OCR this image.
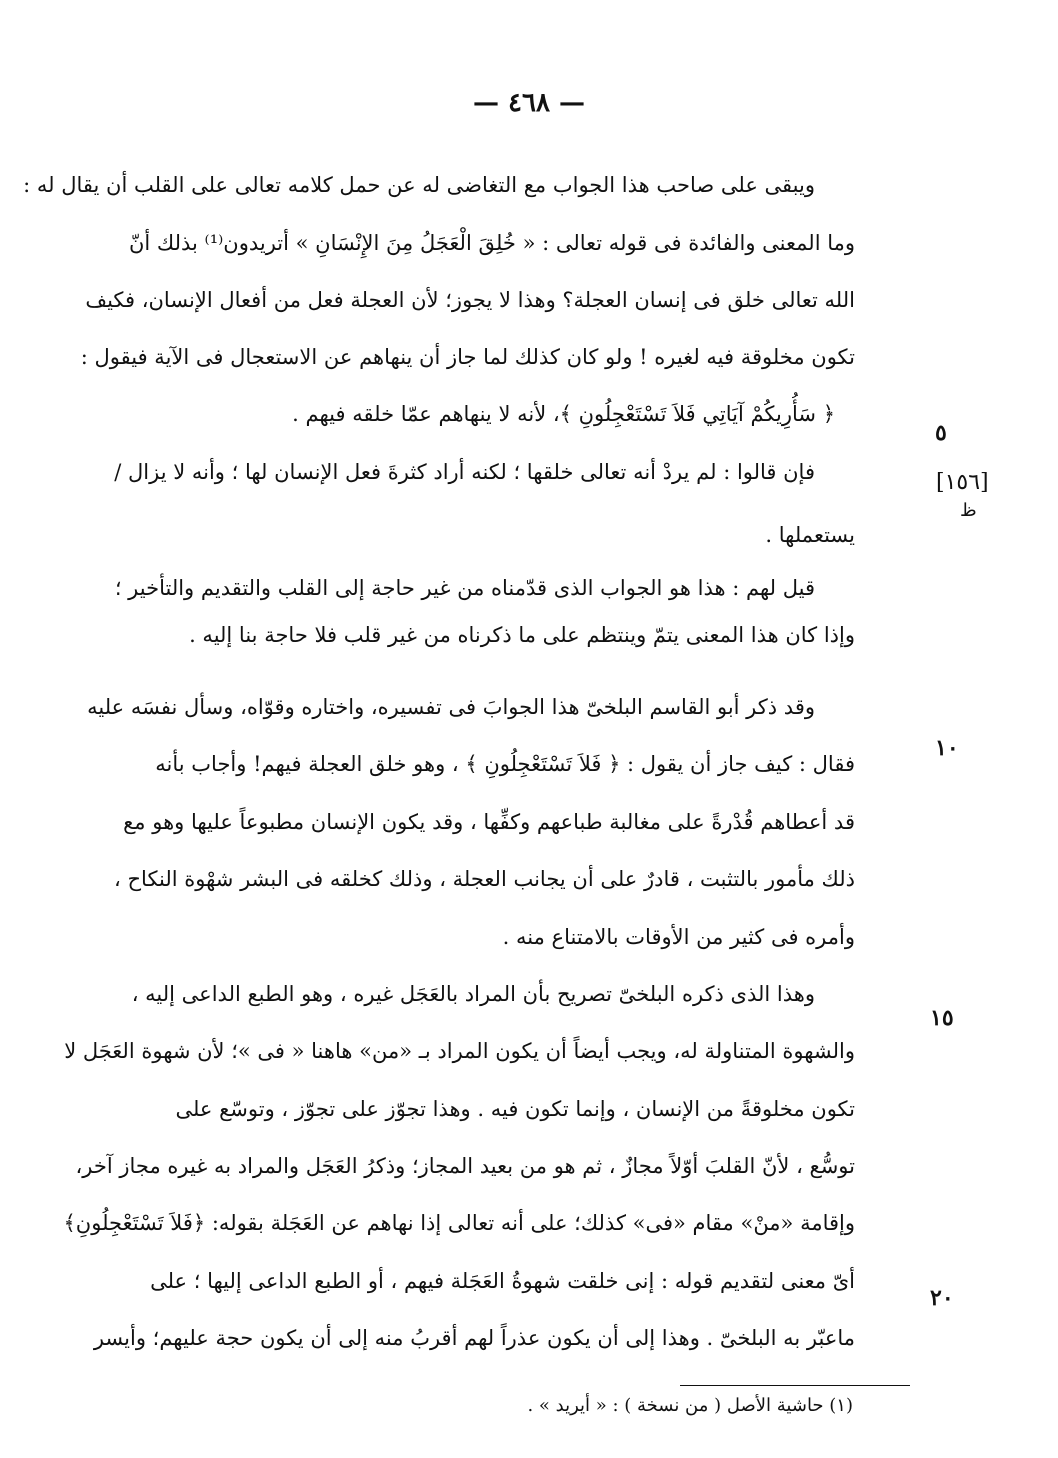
— ٤٦٨ —
ويبقى على صاحب هذا الجواب مع التغاضى له عن حمل كلامه تعالى على القلب أن يقال له :
وما المعنى والفائدة فى قوله تعالى : « خُلِقَ الْعَجَلُ مِنَ الإِنْسَانِ » أتريدون⁽¹⁾ بذلك أنّ
الله تعالى خلق فى إنسان العجلة؟ وهذا لا يجوز؛ لأن العجلة فعل من أفعال الإنسان، فكيف
تكون مخلوقة فيه لغيره ! ولو كان كذلك لما جاز أن ينهاهم عن الاستعجال فى الآية فيقول :
﴿ سَأُرِيكُمْ آيَاتِي فَلاَ تَسْتَعْجِلُونِ ﴾، لأنه لا ينهاهم عمّا خلقه فيهم .
فإن قالوا : لم يردْ أنه تعالى خلقها ؛ لكنه أراد كثرةَ فعل الإنسان لها ؛ وأنه لا يزال /
يستعملها .
قيل لهم : هذا هو الجواب الذى قدّمناه من غير حاجة إلى القلب والتقديم والتأخير ؛
وإذا كان هذا المعنى يتمّ وينتظم على ما ذكرناه من غير قلب فلا حاجة بنا إليه .
وقد ذكر أبو القاسم البلخىّ هذا الجوابَ فى تفسيره، واختاره وقوّاه، وسأل نفسَه عليه
فقال : كيف جاز أن يقول : ﴿ فَلاَ تَسْتَعْجِلُونِ ﴾ ، وهو خلق العجلة فيهم! وأجاب بأنه
قد أعطاهم قُدْرةً على مغالبة طباعهم وكفِّها ، وقد يكون الإنسان مطبوعاً عليها وهو مع
ذلك مأمور بالتثبت ، قادرٌ على أن يجانب العجلة ، وذلك كخلقه فى البشر شهْوة النكاح ،
وأمره فى كثير من الأوقات بالامتناع منه .
وهذا الذى ذكره البلخىّ تصريح بأن المراد بالعَجَل غيره ، وهو الطبع الداعى إليه ،
والشهوة المتناولة له، ويجب أيضاً أن يكون المراد بـ «من» هاهنا « فى »؛ لأن شهوة العَجَل لا
تكون مخلوقةً من الإنسان ، وإنما تكون فيه . وهذا تجوّز على تجوّز ، وتوسّع على
توسُّع ، لأنّ القلبَ أوّلاً مجازٌ ، ثم هو من بعيد المجاز؛ وذكرُ العَجَل والمراد به غيره مجاز آخر،
وإقامة «منْ» مقام «فى» كذلك؛ على أنه تعالى إذا نهاهم عن العَجَلة بقوله: ﴿فَلاَ تَسْتَعْجِلُونِ﴾
أىّ معنى لتقديم قوله : إنى خلقت شهوةُ العَجَلة فيهم ، أو الطبع الداعى إليها ؛ على
ماعبّر به البلخىّ . وهذا إلى أن يكون عذراً لهم أقربُ منه إلى أن يكون حجة عليهم؛ وأيسر
٥
١٠
١٥
٢٠
[١٥٦]
ظ
(١) حاشية الأصل ( من نسخة ) : « أيريد » .
